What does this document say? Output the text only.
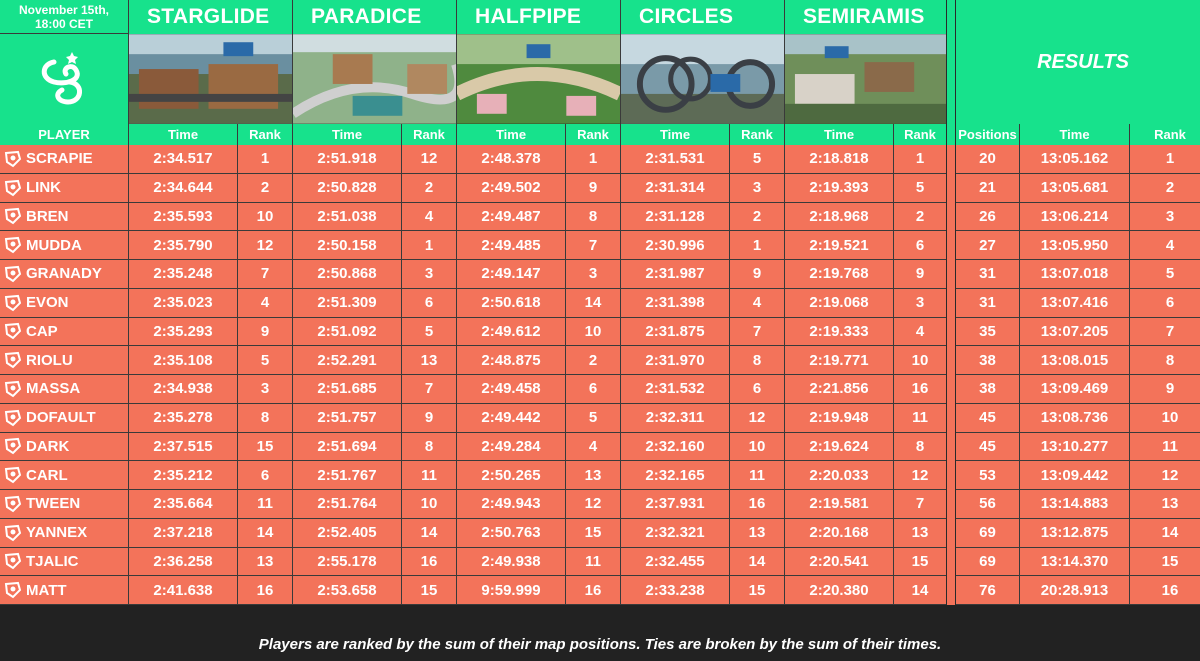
November 15th,
18:00 CET	STARGLIDE	PARADICE	HALFPIPE	CIRCLES	SEMIRAMIS
RESULTS
PLAYER	Time	Rank	Time	Rank	Time	Rank	Time	Rank	Time	Rank	Positions	Time	Rank
SCRAPIE	2:34.517	1	2:51.918	12	2:48.378	1	2:31.531	5	2:18.818	1	20	13:05.162	1
LINK	2:34.644	2	2:50.828	2	2:49.502	9	2:31.314	3	2:19.393	5	21	13:05.681	2
BREN	2:35.593	10	2:51.038	4	2:49.487	8	2:31.128	2	2:18.968	2	26	13:06.214	3
MUDDA	2:35.790	12	2:50.158	1	2:49.485	7	2:30.996	1	2:19.521	6	27	13:05.950	4
GRANADY	2:35.248	7	2:50.868	3	2:49.147	3	2:31.987	9	2:19.768	9	31	13:07.018	5
EVON	2:35.023	4	2:51.309	6	2:50.618	14	2:31.398	4	2:19.068	3	31	13:07.416	6
CAP	2:35.293	9	2:51.092	5	2:49.612	10	2:31.875	7	2:19.333	4	35	13:07.205	7
RIOLU	2:35.108	5	2:52.291	13	2:48.875	2	2:31.970	8	2:19.771	10	38	13:08.015	8
MASSA	2:34.938	3	2:51.685	7	2:49.458	6	2:31.532	6	2:21.856	16	38	13:09.469	9
DOFAULT	2:35.278	8	2:51.757	9	2:49.442	5	2:32.311	12	2:19.948	11	45	13:08.736	10
DARK	2:37.515	15	2:51.694	8	2:49.284	4	2:32.160	10	2:19.624	8	45	13:10.277	11
CARL	2:35.212	6	2:51.767	11	2:50.265	13	2:32.165	11	2:20.033	12	53	13:09.442	12
TWEEN	2:35.664	11	2:51.764	10	2:49.943	12	2:37.931	16	2:19.581	7	56	13:14.883	13
YANNEX	2:37.218	14	2:52.405	14	2:50.763	15	2:32.321	13	2:20.168	13	69	13:12.875	14
TJALIC	2:36.258	13	2:55.178	16	2:49.938	11	2:32.455	14	2:20.541	15	69	13:14.370	15
MATT	2:41.638	16	2:53.658	15	9:59.999	16	2:33.238	15	2:20.380	14	76	20:28.913	16
Players are ranked by the sum of their map positions. Ties are broken by the sum of their times.
